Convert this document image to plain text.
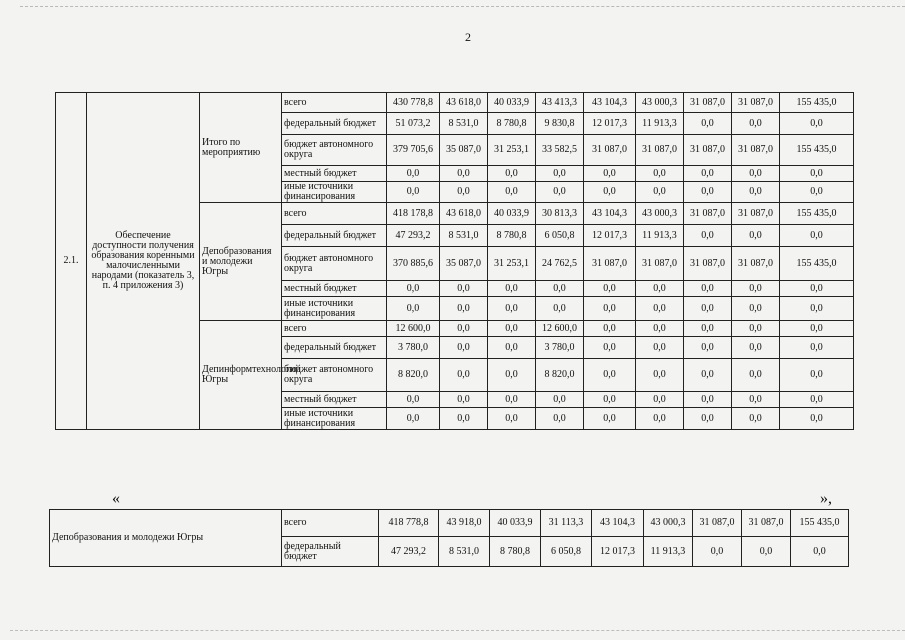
2
2.1.	Обеспечение доступности получения образования коренными малочисленными народами (показатель 3, п. 4 приложения 3)	Итого по мероприятию	всего	430 778,8	43 618,0	40 033,9	43 413,3	43 104,3	43 000,3	31 087,0	31 087,0	155 435,0
			федеральный бюджет	51 073,2	8 531,0	8 780,8	9 830,8	12 017,3	11 913,3	0,0	0,0	0,0
			бюджет автономного округа	379 705,6	35 087,0	31 253,1	33 582,5	31 087,0	31 087,0	31 087,0	31 087,0	155 435,0
			местный бюджет	0,0	0,0	0,0	0,0	0,0	0,0	0,0	0,0	0,0
			иные источники финансирования	0,0	0,0	0,0	0,0	0,0	0,0	0,0	0,0	0,0
		Депобразования и молодежи Югры	всего	418 178,8	43 618,0	40 033,9	30 813,3	43 104,3	43 000,3	31 087,0	31 087,0	155 435,0
			федеральный бюджет	47 293,2	8 531,0	8 780,8	6 050,8	12 017,3	11 913,3	0,0	0,0	0,0
			бюджет автономного округа	370 885,6	35 087,0	31 253,1	24 762,5	31 087,0	31 087,0	31 087,0	31 087,0	155 435,0
			местный бюджет	0,0	0,0	0,0	0,0	0,0	0,0	0,0	0,0	0,0
			иные источники финансирования	0,0	0,0	0,0	0,0	0,0	0,0	0,0	0,0	0,0
		Депинформтехнологий Югры	всего	12 600,0	0,0	0,0	12 600,0	0,0	0,0	0,0	0,0	0,0
			федеральный бюджет	3 780,0	0,0	0,0	3 780,0	0,0	0,0	0,0	0,0	0,0
			бюджет автономного округа	8 820,0	0,0	0,0	8 820,0	0,0	0,0	0,0	0,0	0,0
			местный бюджет	0,0	0,0	0,0	0,0	0,0	0,0	0,0	0,0	0,0
			иные источники финансирования	0,0	0,0	0,0	0,0	0,0	0,0	0,0	0,0	0,0
«	»,
Депобразования и молодежи Югры	всего	418 778,8	43 918,0	40 033,9	31 113,3	43 104,3	43 000,3	31 087,0	31 087,0	155 435,0
	федеральный бюджет	47 293,2	8 531,0	8 780,8	6 050,8	12 017,3	11 913,3	0,0	0,0	0,0
